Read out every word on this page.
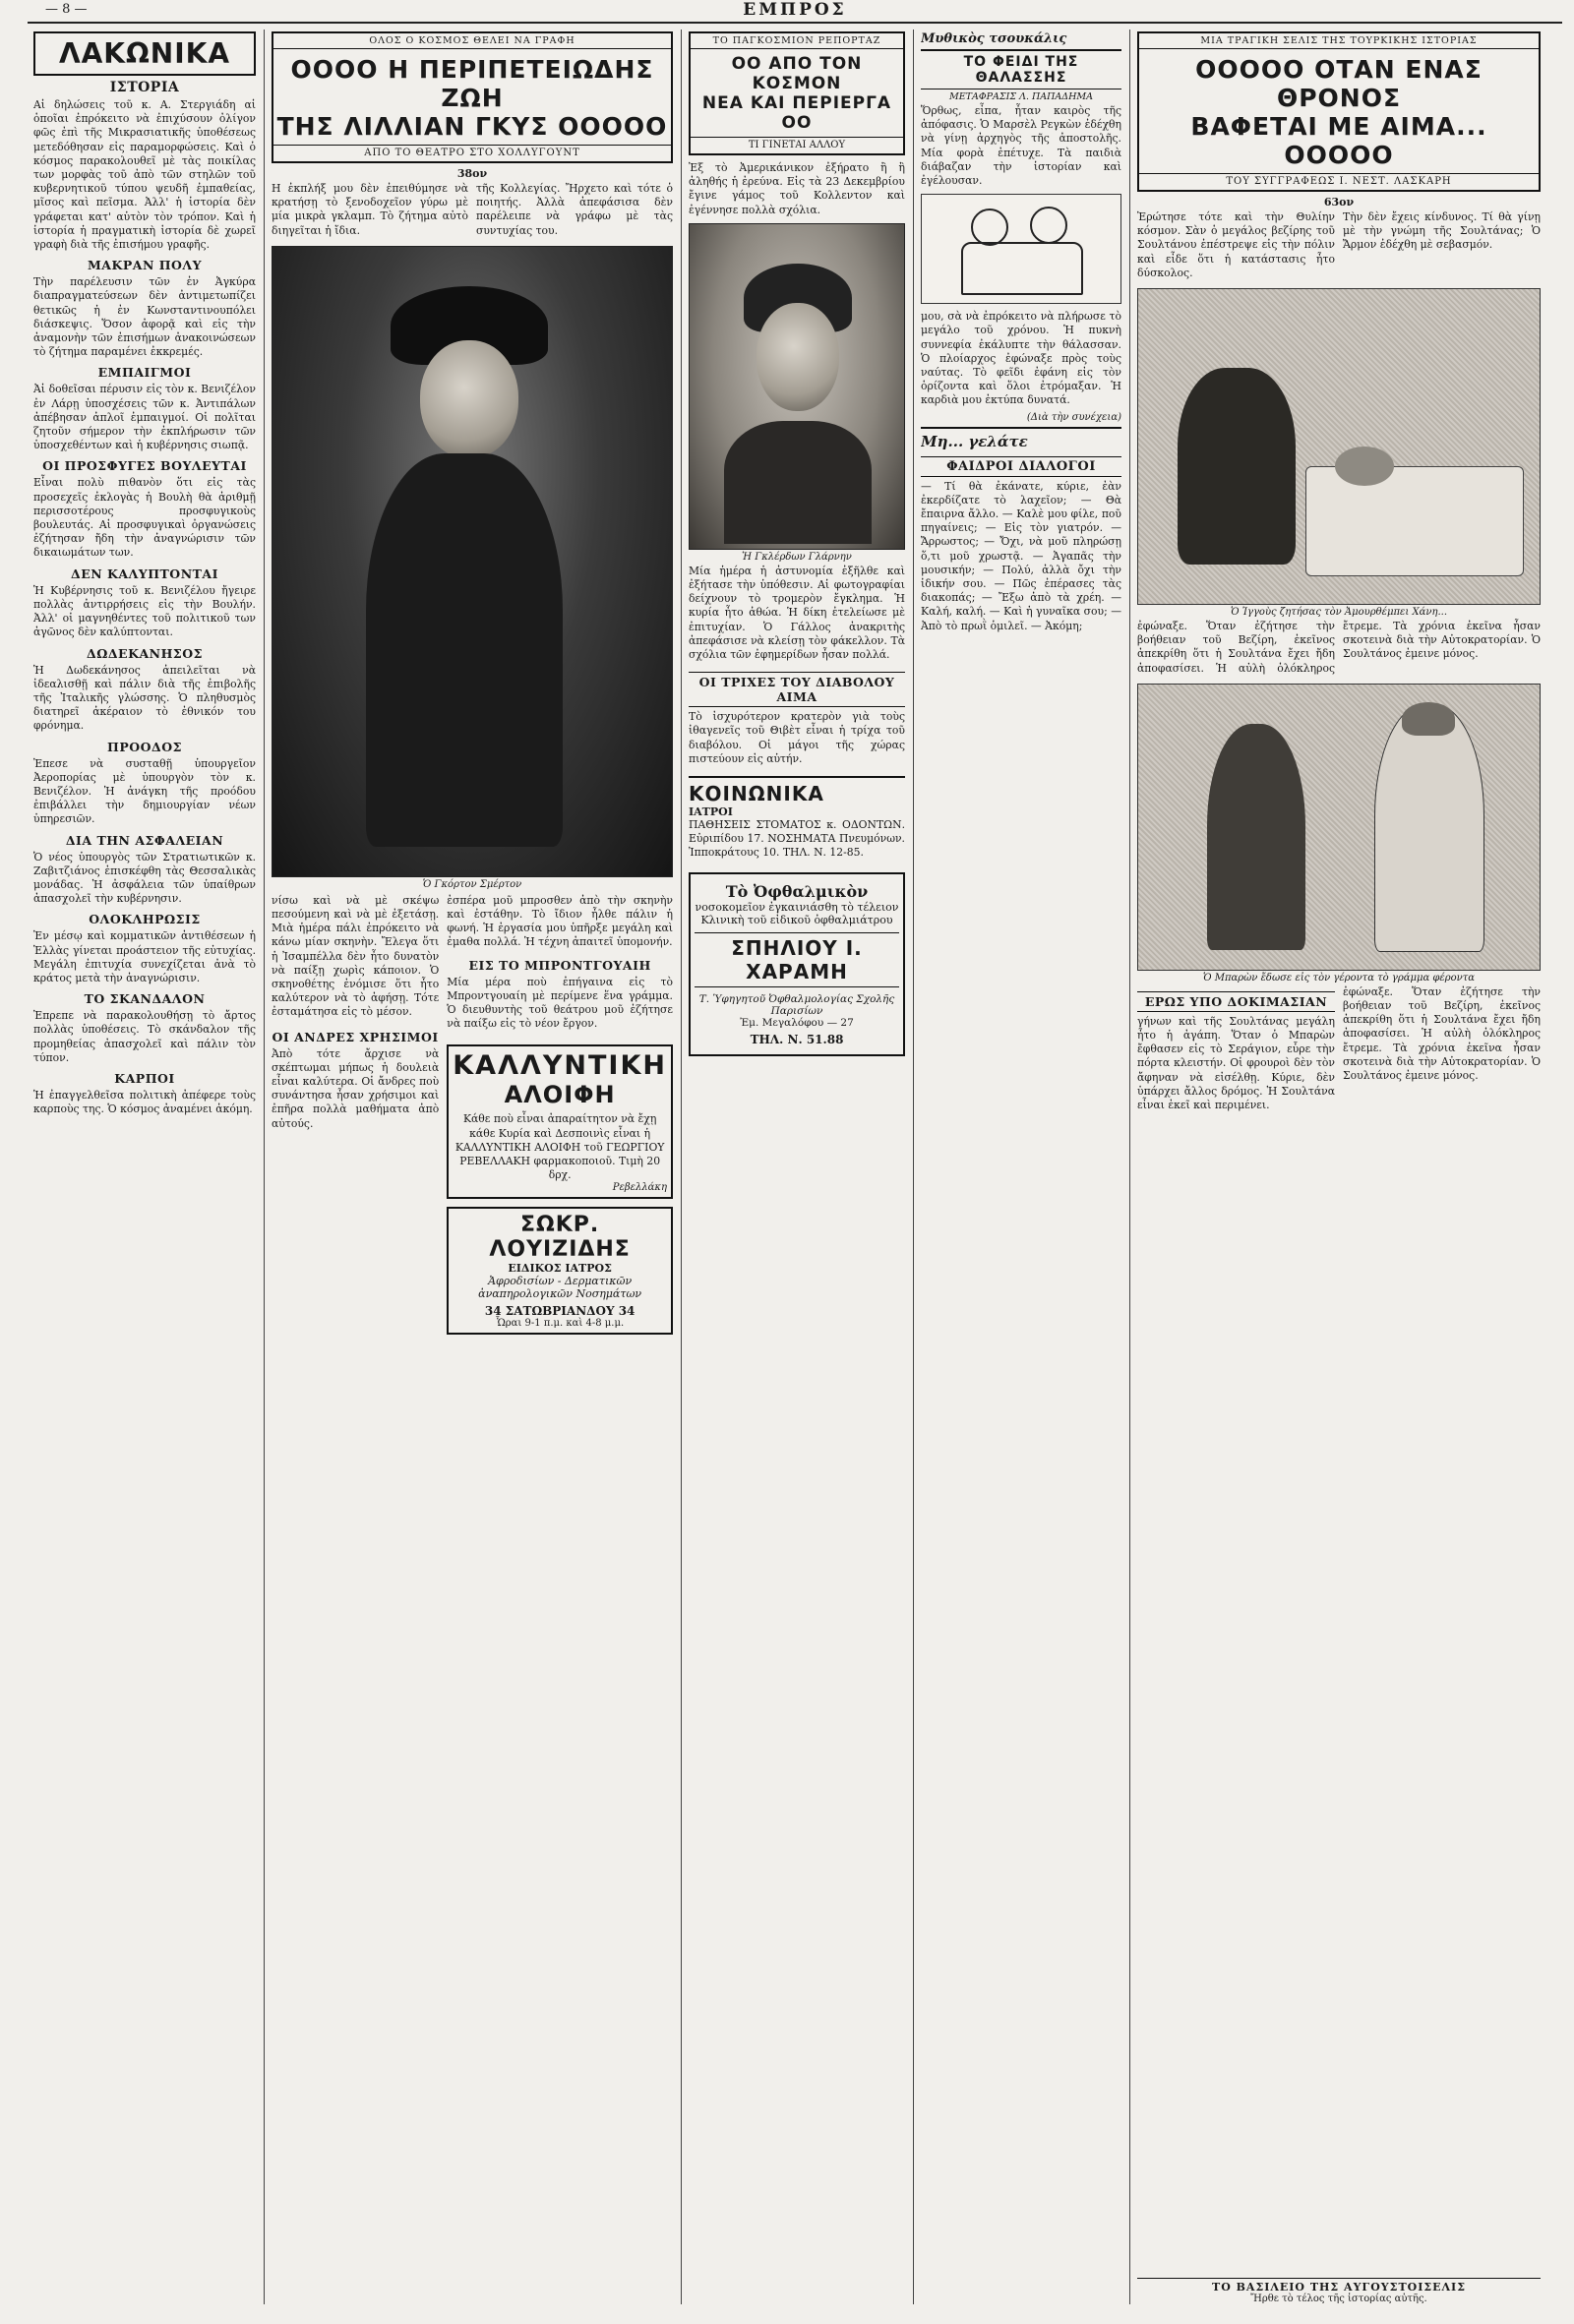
— 8 —	ΕΜΠΡΟΣ
ΛΑΚΩΝΙΚΑ
ΙΣΤΟΡΙΑ
Αἱ δηλώσεις τοῦ κ. Α. Στεργιάδη αἱ ὁποῖαι ἐπρόκειτο νὰ ἐπιχύσουν ὀλίγον φῶς ἐπὶ τῆς Μικρασιατικῆς ὑποθέσεως μετεδόθησαν εἰς παραμορφώσεις. Καὶ ὁ κόσμος παρακολουθεῖ μὲ τὰς ποικίλας των μορφὰς τοῦ ἀπὸ τῶν στηλῶν τοῦ κυβερνητικοῦ τύπου ψευδῆ ἐμπαθείας, μῖσος καὶ πεῖσμα. Ἀλλ' ἡ ἱστορία δὲν γράφεται κατ' αὐτὸν τὸν τρόπον. Καὶ ἡ ἱστορία ἡ πραγματικὴ ἱστορία δὲ χωρεῖ γραφὴ διὰ τῆς ἐπισήμου γραφῆς.
ΜΑΚΡΑΝ ΠΟΛΥ
Τὴν παρέλευσιν τῶν ἐν Ἀγκύρα διαπραγματεύσεων δὲν ἀντιμετωπίζει θετικῶς ἡ ἐν Κωνσταντινουπόλει διάσκεψις. Ὅσον ἀφορᾷ καὶ εἰς τὴν ἀναμονὴν τῶν ἐπισήμων ἀνακοινώσεων τὸ ζήτημα παραμένει ἐκκρεμές.
ΕΜΠΑΙΓΜΟΙ
Ἀἱ δοθεῖσαι πέρυσιν εἰς τὸν κ. Βενιζέλον ἐν Λάρῃ ὑποσχέσεις τῶν κ. Ἀντιπάλων ἀπέβησαν ἀπλοῖ ἐμπαιγμοί. Οἱ πολῖται ζητοῦν σήμερον τὴν ἐκπλήρωσιν τῶν ὑποσχεθέντων καὶ ἡ κυβέρνησις σιωπᾷ.
ΟΙ ΠΡΟΣΦΥΓΕΣ ΒΟΥΛΕΥΤΑΙ
Εἶναι πολὺ πιθανὸν ὅτι εἰς τὰς προσεχεῖς ἐκλογὰς ἡ Βουλὴ θὰ ἀριθμῇ περισσοτέρους προσφυγικοὺς βουλευτάς. Αἱ προσφυγικαὶ ὀργανώσεις ἐζήτησαν ἤδη τὴν ἀναγνώρισιν τῶν δικαιωμάτων των.
ΔΕΝ ΚΑΛΥΠΤΟΝΤΑΙ
Ἡ Κυβέρνησις τοῦ κ. Βενιζέλου ἤγειρε πολλὰς ἀντιρρήσεις εἰς τὴν Βουλήν. Ἀλλ' οἱ μαγνηθέντες τοῦ πολιτικοῦ των ἀγῶνος δὲν καλύπτονται.
ΔΩΔΕΚΑΝΗΣΟΣ
Ἡ Δωδεκάνησος ἀπειλεῖται νὰ ἰδεαλισθῇ καὶ πάλιν διὰ τῆς ἐπιβολῆς τῆς Ἰταλικῆς γλώσσης. Ὁ πληθυσμὸς διατηρεῖ ἀκέραιον τὸ ἐθνικόν του φρόνημα.
ΠΡΟΟΔΟΣ
Ἐπεσε νὰ συσταθῇ ὑπουργεῖον Ἀεροπορίας μὲ ὑπουργὸν τὸν κ. Βενιζέλον. Ἡ ἀνάγκη τῆς προόδου ἐπιβάλλει τὴν δημιουργίαν νέων ὑπηρεσιῶν.
ΔΙΑ ΤΗΝ ΑΣΦΑΛΕΙΑΝ
Ὁ νέος ὑπουργὸς τῶν Στρατιωτικῶν κ. Ζαβιτζιάνος ἐπισκέφθη τὰς Θεσσαλικὰς μονάδας. Ἡ ἀσφάλεια τῶν ὑπαίθρων ἀπασχολεῖ τὴν κυβέρνησιν.
ΟΛΟΚΛΗΡΩΣΙΣ
Ἐν μέσῳ καὶ κομματικῶν ἀντιθέσεων ἡ Ἑλλὰς γίνεται προάστειον τῆς εὐτυχίας. Μεγάλη ἐπιτυχία συνεχίζεται ἀνὰ τὸ κράτος μετὰ τὴν ἀναγνώρισιν.
ΤΟ ΣΚΑΝΔΑΛΟΝ
Ἐπρεπε νὰ παρακολουθήσῃ τὸ ἄρτος πολλὰς ὑποθέσεις. Τὸ σκάνδαλον τῆς προμηθείας ἀπασχολεῖ καὶ πάλιν τὸν τύπον.
ΚΑΡΠΟΙ
Ἡ ἐπαγγελθεῖσα πολιτικὴ ἀπέφερε τοὺς καρποὺς της. Ὁ κόσμος ἀναμένει ἀκόμη.
ΟΛΟΣ Ο ΚΟΣΜΟΣ ΘΕΛΕΙ ΝΑ ΓΡΑΦΗ
ΟΟΟΟ Η ΠΕΡΙΠΕΤΕΙΩΔΗΣ ΖΩΗ
ΤΗΣ ΛΙΛΛΙΑΝ ΓΚΥΣ ΟΟΟΟΟ
ΑΠΟ ΤΟ ΘΕΑΤΡΟ ΣΤΟ ΧΟΛΛΥΓΟΥΝΤ
38ον
Η ἐκπλήξ μου δὲν ἐπειθύμησε νὰ κρατήσῃ τὸ ξενοδοχεῖον γύρω μὲ μία μικρὰ γκλαμπ. Τὸ ζήτημα αὐτὸ διηγεῖται ἡ ἴδια.
τῆς Κολλεγίας. Ἤρχετο καὶ τότε ὁ ποιητής. Ἀλλὰ ἀπεφάσισα δὲν παρέλειπε νὰ γράφω μὲ τὰς συντυχίας του.
Ὁ Γκόρτον Σμέρτον
νίσω καὶ νὰ μὲ σκέψω πεσούμενη καὶ νὰ μὲ ἐξετάσῃ. Μιὰ ἡμέρα πάλι ἐπρόκειτο νὰ κάνω μίαν σκηνὴν. Ἔλεγα ὅτι ἡ Ἰσαμπέλλα δὲν ἦτο δυνατὸν νὰ παίξῃ χωρὶς κάποιον. Ὁ σκηνοθέτης ἐνόμισε ὅτι ἦτο καλύτερον νὰ τὸ ἀφήσῃ. Τότε ἐσταμάτησα εἰς τὸ μέσον.
ΟΙ ΑΝΔΡΕΣ ΧΡΗΣΙΜΟΙ
Ἀπὸ τότε ἄρχισε νὰ σκέπτωμαι μήπως ἡ δουλειὰ εἶναι καλύτερα. Οἱ ἄνδρες ποὺ συνάντησα ἦσαν χρήσιμοι καὶ ἐπῆρα πολλὰ μαθήματα ἀπὸ αὐτούς.
ἐσπέρα μοῦ μπροσθεν ἀπὸ τὴν σκηνὴν καὶ ἐστάθην. Τὸ ἴδιον ἦλθε πάλιν ἡ φωνή. Ἡ ἐργασία μου ὑπῆρξε μεγάλη καὶ ἐμαθα πολλά. Ἡ τέχνη ἀπαιτεῖ ὑπομονήν.
ΕΙΣ ΤΟ ΜΠΡΟΝΤΓΟΥΑΙΗ
Μία μέρα ποὺ ἐπήγαινα εἰς τὸ Μπροντγουαίη μὲ περίμενε ἕνα γράμμα. Ὁ διευθυντὴς τοῦ θεάτρου μοῦ ἐζήτησε νὰ παίξω εἰς τὸ νέον ἔργον.
ΚΑΛΛΥΝΤΙΚΗ
ΑΛΟΙΦΗ
Κάθε ποὺ εἶναι ἀπαραίτητον νὰ ἔχῃ κάθε Κυρία καὶ Δεσποινὶς εἶναι ἡ ΚΑΛΛΥΝΤΙΚΗ ΑΛΟΙΦΗ τοῦ ΓΕΩΡΓΙΟΥ ΡΕΒΕΛΛΑΚΗ φαρμακοποιοῦ. Τιμὴ 20 δρχ.
Ρεβελλάκη
ΣΩΚΡ. ΛΟΥΙΖΙΔΗΣ
ΕΙΔΙΚΟΣ ΙΑΤΡΟΣ
Ἀφροδισίων - Δερματικῶν ἀναπηρολογικῶν Νοσημάτων
34 ΣΑΤΩΒΡΙΑΝΔΟΥ 34
Ὧραι 9-1 π.μ. καὶ 4-8 μ.μ.
ΤΟ ΠΑΓΚΟΣΜΙΟΝ ΡΕΠΟΡΤΑΖ
ΟΟ ΑΠΟ ΤΟΝ ΚΟΣΜΟΝ
ΝΕΑ ΚΑΙ ΠΕΡΙΕΡΓΑ ΟΟ
ΤΙ ΓΙΝΕΤΑΙ ΑΛΛΟΥ
Ἐξ τὸ Ἀμερικάνικον ἐξήρατο ἢ ἢ ἀληθής ἡ ἐρεύνα. Εἰς τὰ 23 Δεκεμβρίου ἔγινε γάμος τοῦ Κολλεντον καὶ ἐγέννησε πολλὰ σχόλια.
Ἡ Γκλέρδων Γλάρνην
Μία ἡμέρα ἡ ἀστυνομία ἐξῆλθε καὶ ἐξήτασε τὴν ὑπόθεσιν. Αἱ φωτογραφίαι δείχνουν τὸ τρομερὸν ἔγκλημα. Ἡ κυρία ἦτο ἀθώα. Ἡ δίκη ἐτελείωσε μὲ ἐπιτυχίαν. Ὁ Γάλλος ἀνακριτὴς ἀπεφάσισε νὰ κλείσῃ τὸν φάκελλον. Τὰ σχόλια τῶν ἐφημερίδων ἦσαν πολλά.
ΟΙ ΤΡΙΧΕΣ ΤΟΥ ΔΙΑΒΟΛΟΥ ΑΙΜΑ
Τὸ ἰσχυρότερον κρατερὸν γιὰ τοὺς ἰθαγενεῖς τοῦ Θιβὲτ εἶναι ἡ τρίχα τοῦ διαβόλου. Οἱ μάγοι τῆς χώρας πιστεύουν εἰς αὐτήν.
ΚΟΙΝΩΝΙΚΑ
ΙΑΤΡΟΙ
ΠΑΘΗΣΕΙΣ ΣΤΟΜΑΤΟΣ κ. ΟΔΟΝΤΩΝ. Εὐριπίδου 17. ΝΟΣΗΜΑΤΑ Πνευμόνων. Ἰπποκράτους 10. ΤΗΛ. Ν. 12-85.
Τὸ Ὀφθαλμικὸν
νοσοκομεῖον ἐγκαινιάσθη τὸ τέλειον Κλινικὴ τοῦ εἰδικοῦ ὀφθαλμιάτρου
ΣΠΗΛΙΟΥ Ι. ΧΑΡΑΜΗ
Τ. Ὑφηγητοῦ Ὀφθαλμολογίας Σχολῆς Παρισίων
Ἐμ. Μεγαλόφου — 27
ΤΗΛ. Ν. 51.88
Μυθικὸς τσουκάλις
ΤΟ ΦΕΙΔΙ ΤΗΣ ΘΑΛΑΣΣΗΣ
ΜΕΤΑΦΡΑΣΙΣ Λ. ΠΑΠΑΔΗΜΑ
Ὅρθως, εἶπα, ἦταν καιρὸς τῆς ἀπόφασις. Ὁ Μαρσὲλ Ρεγκὼν ἐδέχθη νὰ γίνῃ ἀρχηγὸς τῆς ἀποστολῆς. Μία φορὰ ἐπέτυχε. Τὰ παιδιὰ διάβαζαν τὴν ἱστορίαν καὶ ἐγέλουσαν.
μου, σὰ νὰ ἐπρόκειτο νὰ πλήρωσε τὸ μεγάλο τοῦ χρόνου. Ἡ πυκνὴ συννεφία ἐκάλυπτε τὴν θάλασσαν. Ὁ πλοίαρχος ἐφώναξε πρὸς τοὺς ναύτας. Τὸ φεῖδι ἐφάνη εἰς τὸν ὁρίζοντα καὶ ὅλοι ἐτρόμαξαν. Ἡ καρδιὰ μου ἐκτύπα δυνατά.
(Διὰ τὴν συνέχεια)
Μη... γελάτε
ΦΑΙΔΡΟΙ ΔΙΑΛΟΓΟΙ
— Τί θὰ ἐκάνατε, κύριε, ἐὰν ἐκερδίζατε τὸ λαχεῖον; — Θὰ ἔπαιρνα ἄλλο. — Καλὲ μου φίλε, ποῦ πηγαίνεις; — Εἰς τὸν γιατρόν. — Ἄρρωστος; — Ὄχι, νὰ μοῦ πληρώσῃ ὅ,τι μοῦ χρωστᾷ. — Ἀγαπᾶς τὴν μουσικήν; — Πολύ, ἀλλὰ ὄχι τὴν ἰδικήν σου. — Πῶς ἐπέρασες τὰς διακοπάς; — Ἔξω ἀπὸ τὰ χρέη. — Καλή, καλή. — Καὶ ἡ γυναῖκα σου; — Ἀπὸ τὸ πρωῒ ὁμιλεῖ. — Ἀκόμη;
ΜΙΑ ΤΡΑΓΙΚΗ ΣΕΛΙΣ ΤΗΣ ΤΟΥΡΚΙΚΗΣ ΙΣΤΟΡΙΑΣ
ΟΟΟΟΟ ΟΤΑΝ ΕΝΑΣ ΘΡΟΝΟΣ
ΒΑΦΕΤΑΙ ΜΕ ΑΙΜΑ... ΟΟΟΟΟ
ΤΟΥ ΣΥΓΓΡΑΦΕΩΣ Ι. ΝΕΣΤ. ΛΑΣΚΑΡΗ
63ον
Ἐρώτησε τότε καὶ τὴν Θυλίην κόσμον. Σὰν ὁ μεγάλος βεζίρης τοῦ Σουλτάνου ἐπέστρεψε εἰς τὴν πόλιν καὶ εἶδε ὅτι ἡ κατάστασις ἦτο δύσκολος.
Τὴν δὲν ἔχεις κίνδυνος. Τί θὰ γίνῃ μὲ τὴν γνώμη τῆς Σουλτάνας; Ὁ Ἄρμον ἐδέχθη μὲ σεβασμόν.
Ὁ Ἰγγοὺς ζητήσας τὸν Ἀμουρθέμπει Χάνη...
ἐφώναξε. Ὅταν ἐζήτησε τὴν βοήθειαν τοῦ Βεζίρη, ἐκεῖνος ἀπεκρίθη ὅτι ἡ Σουλτάνα ἔχει ἤδη ἀποφασίσει. Ἡ αὐλὴ ὁλόκληρος ἔτρεμε. Τὰ χρόνια ἐκεῖνα ἦσαν σκοτεινὰ διὰ τὴν Αὐτοκρατορίαν. Ὁ Σουλτάνος ἐμεινε μόνος.
Ὁ Μπαρὼν ἔδωσε εἰς τὸν γέροντα τὸ γράμμα φέροντα
ΕΡΩΣ ΥΠΟ ΔΟΚΙΜΑΣΙΑΝ
γήνων καὶ τῆς Σουλτάνας μεγάλη ἦτο ἡ ἀγάπη. Ὅταν ὁ Μπαρὼν ἔφθασεν εἰς τὸ Σεράγιον, εὗρε τὴν πόρτα κλειστήν. Οἱ φρουροὶ δὲν τὸν ἄφηναν νὰ εἰσέλθῃ. Κύριε, δὲν ὑπάρχει ἄλλος δρόμος. Ἡ Σουλτάνα εἶναι ἐκεῖ καὶ περιμένει.
ἐφώναξε. Ὅταν ἐζήτησε τὴν βοήθειαν τοῦ Βεζίρη, ἐκεῖνος ἀπεκρίθη ὅτι ἡ Σουλτάνα ἔχει ἤδη ἀποφασίσει. Ἡ αὐλὴ ὁλόκληρος ἔτρεμε. Τὰ χρόνια ἐκεῖνα ἦσαν σκοτεινὰ διὰ τὴν Αὐτοκρατορίαν. Ὁ Σουλτάνος ἐμεινε μόνος.
ΤΟ ΒΑΣΙΛΕΙΟ ΤΗΣ ΑΥΓΟΥΣΤΟΙΣΕΛΙΣ
Ἤρθε τὸ τέλος τῆς ἱστορίας αὐτῆς.
